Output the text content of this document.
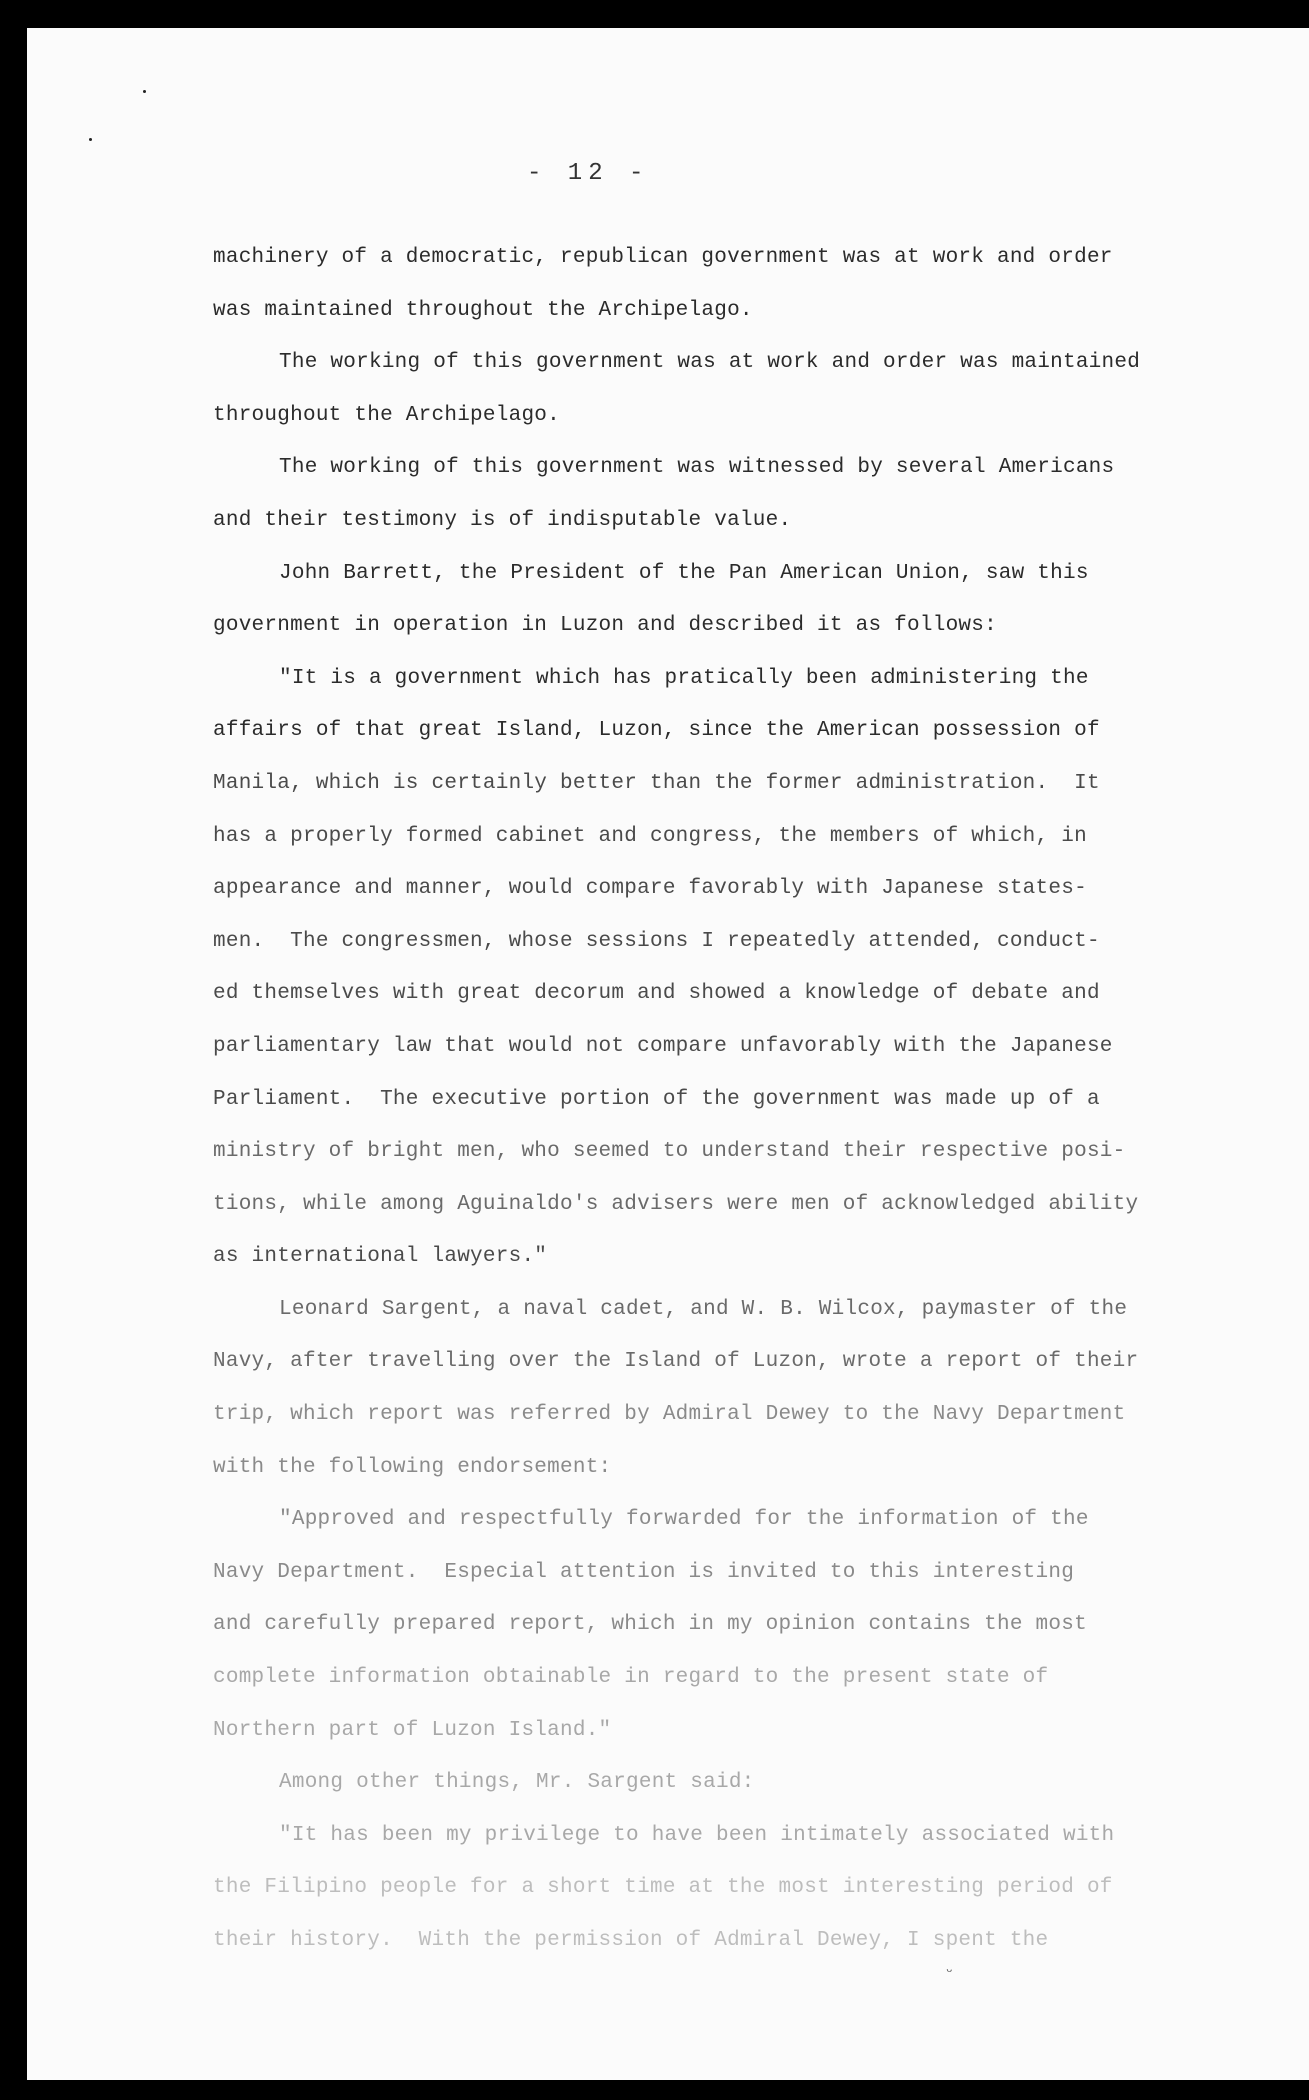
- 12 -
machinery of a democratic, republican government was at work and order
was maintained throughout the Archipelago.
The working of this government was at work and order was maintained
throughout the Archipelago.
The working of this government was witnessed by several Americans
and their testimony is of indisputable value.
John Barrett, the President of the Pan American Union, saw this
government in operation in Luzon and described it as follows:
"It is a government which has pratically been administering the
affairs of that great Island, Luzon, since the American possession of
Manila, which is certainly better than the former administration.  It
has a properly formed cabinet and congress, the members of which, in
appearance and manner, would compare favorably with Japanese states-
men.  The congressmen, whose sessions I repeatedly attended, conduct-
ed themselves with great decorum and showed a knowledge of debate and
parliamentary law that would not compare unfavorably with the Japanese
Parliament.  The executive portion of the government was made up of a
ministry of bright men, who seemed to understand their respective posi-
tions, while among Aguinaldo's advisers were men of acknowledged ability
as international lawyers."
Leonard Sargent, a naval cadet, and W. B. Wilcox, paymaster of the
Navy, after travelling over the Island of Luzon, wrote a report of their
trip, which report was referred by Admiral Dewey to the Navy Department
with the following endorsement:
"Approved and respectfully forwarded for the information of the
Navy Department.  Especial attention is invited to this interesting
and carefully prepared report, which in my opinion contains the most
complete information obtainable in regard to the present state of
Northern part of Luzon Island."
Among other things, Mr. Sargent said:
"It has been my privilege to have been intimately associated with
the Filipino people for a short time at the most interesting period of
their history.  With the permission of Admiral Dewey, I spent the
ᵕ
